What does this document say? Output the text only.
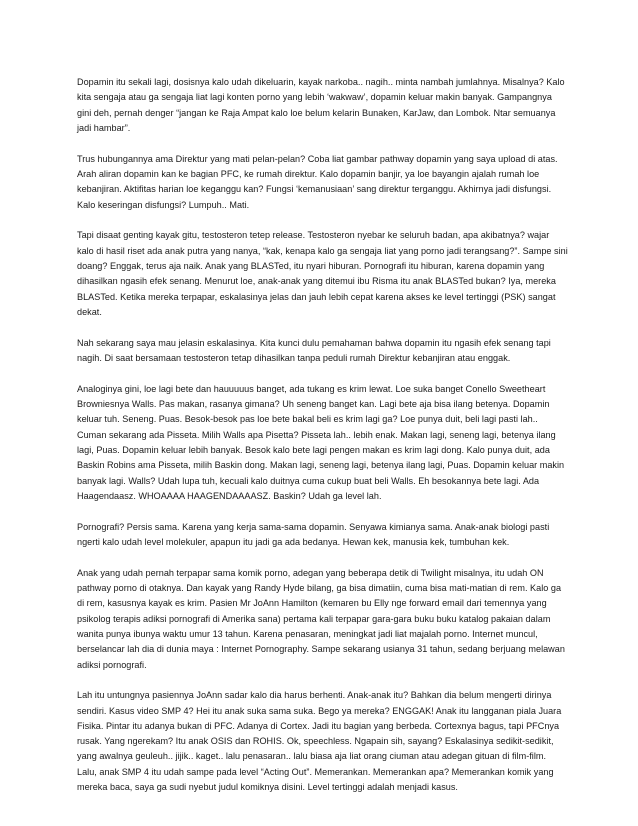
Dopamin itu sekali lagi, dosisnya kalo udah dikeluarin, kayak narkoba.. nagih.. minta nambah jumlahnya. Misalnya? Kalo kita sengaja atau ga sengaja liat lagi konten porno yang lebih ‘wakwaw’, dopamin keluar makin banyak. Gampangnya gini deh, pernah denger “jangan ke Raja Ampat kalo loe belum kelarin Bunaken, KarJaw, dan Lombok. Ntar semuanya jadi hambar”.

Trus hubungannya ama Direktur yang mati pelan-pelan? Coba liat gambar pathway dopamin yang saya upload di atas. Arah aliran dopamin kan ke bagian PFC, ke rumah direktur. Kalo dopamin banjir, ya loe bayangin ajalah rumah loe kebanjiran. Aktifitas harian loe keganggu kan? Fungsi ‘kemanusiaan’ sang direktur terganggu. Akhirnya jadi disfungsi. Kalo keseringan disfungsi? Lumpuh.. Mati.

Tapi disaat genting kayak gitu, testosteron tetep release. Testosteron nyebar ke seluruh badan, apa akibatnya? wajar kalo di hasil riset ada anak putra yang nanya, “kak, kenapa kalo ga sengaja liat yang porno jadi terangsang?”. Sampe sini doang? Enggak, terus aja naik. Anak yang BLASTed, itu nyari hiburan. Pornografi itu hiburan, karena dopamin yang dihasilkan ngasih efek senang. Menurut loe, anak-anak yang ditemui ibu Risma itu anak BLASTed bukan? Iya, mereka BLASTed. Ketika mereka terpapar, eskalasinya jelas dan jauh lebih cepat karena akses ke level tertinggi (PSK) sangat dekat.

Nah sekarang saya mau jelasin eskalasinya. Kita kunci dulu pemahaman bahwa dopamin itu ngasih efek senang tapi nagih. Di saat bersamaan testosteron tetap dihasilkan tanpa peduli rumah Direktur kebanjiran atau enggak.

Analoginya gini, loe lagi bete dan hauuuuus banget, ada tukang es krim lewat. Loe suka banget Conello Sweetheart Browniesnya Walls. Pas makan, rasanya gimana? Uh seneng banget kan. Lagi bete aja bisa ilang betenya. Dopamin keluar tuh. Seneng. Puas. Besok-besok pas loe bete bakal beli es krim lagi ga? Loe punya duit, beli lagi pasti lah.. Cuman sekarang ada Pisseta. Milih Walls apa Pisetta? Pisseta lah.. lebih enak. Makan lagi, seneng lagi, betenya ilang lagi, Puas. Dopamin keluar lebih banyak. Besok kalo bete lagi pengen makan es krim lagi dong. Kalo punya duit, ada Baskin Robins ama Pisseta, milih Baskin dong. Makan lagi, seneng lagi, betenya ilang lagi, Puas. Dopamin keluar makin banyak lagi. Walls? Udah lupa tuh, kecuali kalo duitnya cuma cukup buat beli Walls. Eh besokannya bete lagi. Ada Haagendaasz. WHOAAAA HAAGENDAAAASZ. Baskin? Udah ga level lah.

Pornografi? Persis sama. Karena yang kerja sama-sama dopamin. Senyawa kimianya sama. Anak-anak biologi pasti ngerti kalo udah level molekuler, apapun itu jadi ga ada bedanya. Hewan kek, manusia kek, tumbuhan kek.

Anak yang udah pernah terpapar sama komik porno, adegan yang beberapa detik di Twilight misalnya, itu udah ON pathway porno di otaknya. Dan kayak yang Randy Hyde bilang, ga bisa dimatiin, cuma bisa mati-matian di rem. Kalo ga di rem, kasusnya kayak es krim. Pasien Mr JoAnn Hamilton (kemaren bu Elly nge forward email dari temennya yang psikolog terapis adiksi pornografi di Amerika sana) pertama kali terpapar gara-gara buku buku katalog pakaian dalam wanita punya ibunya waktu umur 13 tahun. Karena penasaran, meningkat jadi liat majalah porno. Internet muncul, berselancar lah dia di dunia maya : Internet Pornography. Sampe sekarang usianya 31 tahun, sedang berjuang melawan adiksi pornografi.

Lah itu untungnya pasiennya JoAnn sadar kalo dia harus berhenti. Anak-anak itu? Bahkan dia belum mengerti dirinya sendiri. Kasus video SMP 4? Hei itu anak suka sama suka. Bego ya mereka? ENGGAK! Anak itu langganan piala Juara Fisika. Pintar itu adanya bukan di PFC. Adanya di Cortex. Jadi itu bagian yang berbeda. Cortexnya bagus, tapi PFCnya rusak. Yang ngerekam? Itu anak OSIS dan ROHIS. Ok, speechless. Ngapain sih, sayang? Eskalasinya sedikit-sedikit, yang awalnya geuleuh.. jijik.. kaget.. lalu penasaran.. lalu biasa aja liat orang ciuman atau adegan gituan di film-film. Lalu, anak SMP 4 itu udah sampe pada level “Acting Out”. Memerankan. Memerankan apa? Memerankan komik yang mereka baca, saya ga sudi nyebut judul komiknya disini. Level tertinggi adalah menjadi kasus.
